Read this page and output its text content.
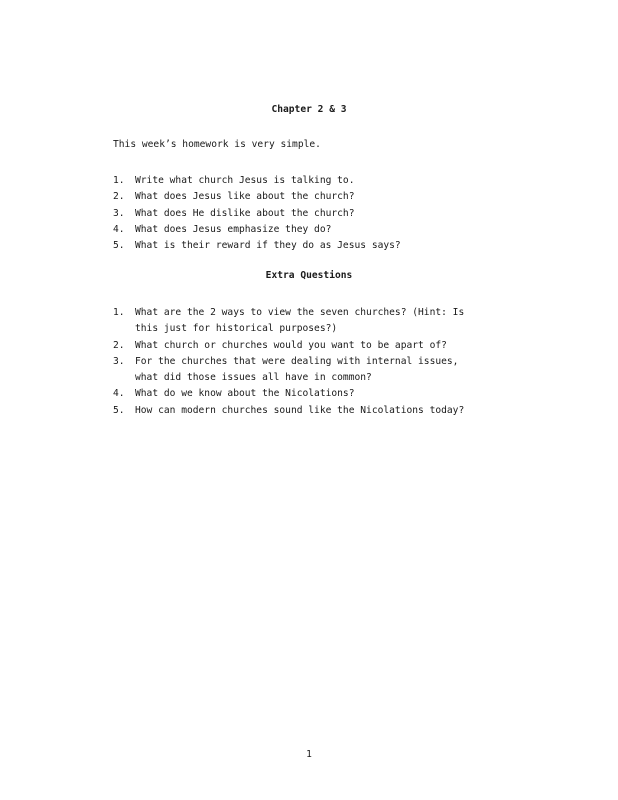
Chapter 2 & 3
This week’s homework is very simple.
1. Write what church Jesus is talking to.
2. What does Jesus like about the church?
3. What does He dislike about the church?
4. What does Jesus emphasize they do?
5. What is their reward if they do as Jesus says?
Extra Questions
1. What are the 2 ways to view the seven churches? (Hint: Is
this just for historical purposes?)
2. What church or churches would you want to be apart of?
3. For the churches that were dealing with internal issues,
what did those issues all have in common?
4. What do we know about the Nicolations?
5. How can modern churches sound like the Nicolations today?
1
